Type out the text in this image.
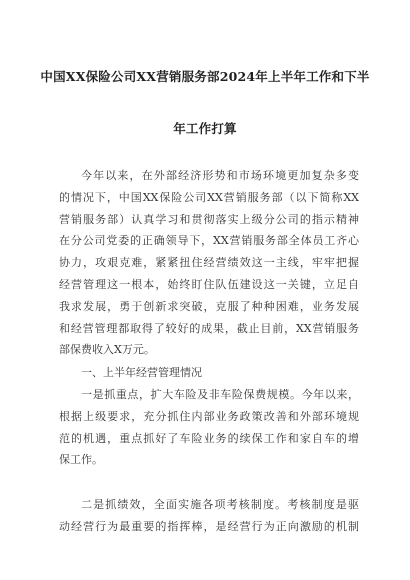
中国XX保险公司XX营销服务部2024年上半年工作和下半
年工作打算
今年以来，在外部经济形势和市场环境更加复杂多变
的情况下，中国XX保险公司XX营销服务部（以下简称XX
营销服务部）认真学习和贯彻落实上级分公司的指示精神
在分公司党委的正确领导下，XX营销服务部全体员工齐心
协力，攻艰克难，紧紧扭住经营绩效这一主线，牢牢把握
经营管理这一根本，始终盯住队伍建设这一关键，立足自
我求发展，勇于创新求突破，克服了种种困难，业务发展
和经营管理都取得了较好的成果，截止目前，XX营销服务
部保费收入X万元。
一、上半年经营管理情况
一是抓重点，扩大车险及非车险保费规模。今年以来，
根据上级要求，充分抓住内部业务政策改善和外部环境规
范的机遇，重点抓好了车险业务的续保工作和家自车的增
保工作。
二是抓绩效，全面实施各项考核制度。考核制度是驱
动经营行为最重要的指挥棒，是经营行为正向激励的机制
